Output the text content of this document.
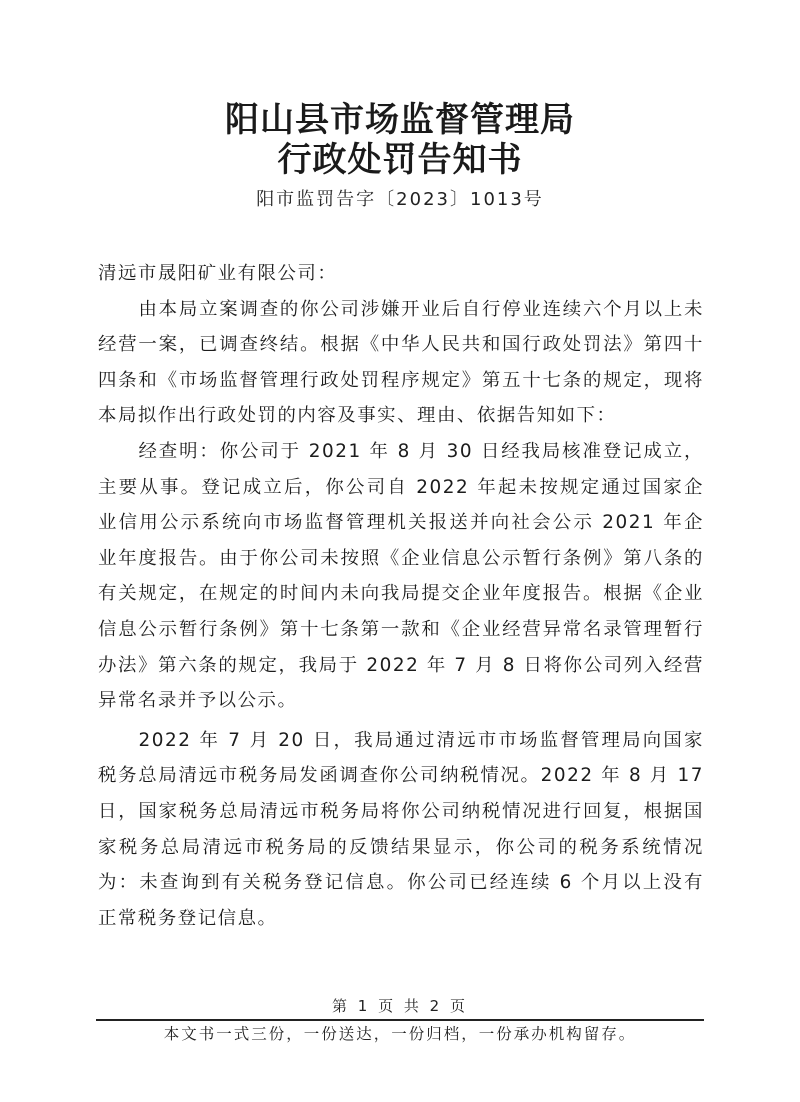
阳山县市场监督管理局
行政处罚告知书
阳市监罚告字〔2023〕1013号

清远市晟阳矿业有限公司：

由本局立案调查的你公司涉嫌开业后自行停业连续六个月以上未经营一案，已调查终结。根据《中华人民共和国行政处罚法》第四十四条和《市场监督管理行政处罚程序规定》第五十七条的规定，现将本局拟作出行政处罚的内容及事实、理由、依据告知如下：

经查明：你公司于 2021 年 8 月 30 日经我局核准登记成立，主要从事。登记成立后，你公司自 2022 年起未按规定通过国家企业信用公示系统向市场监督管理机关报送并向社会公示 2021 年企业年度报告。由于你公司未按照《企业信息公示暂行条例》第八条的有关规定，在规定的时间内未向我局提交企业年度报告。根据《企业信息公示暂行条例》第十七条第一款和《企业经营异常名录管理暂行办法》第六条的规定，我局于 2022 年 7 月 8 日将你公司列入经营异常名录并予以公示。

2022 年 7 月 20 日，我局通过清远市市场监督管理局向国家税务总局清远市税务局发函调查你公司纳税情况。2022 年 8 月 17 日，国家税务总局清远市税务局将你公司纳税情况进行回复，根据国家税务总局清远市税务局的反馈结果显示，你公司的税务系统情况为：未查询到有关税务登记信息。你公司已经连续 6 个月以上没有正常税务登记信息。

第 1 页 共 2 页
本文书一式三份，一份送达，一份归档，一份承办机构留存。
